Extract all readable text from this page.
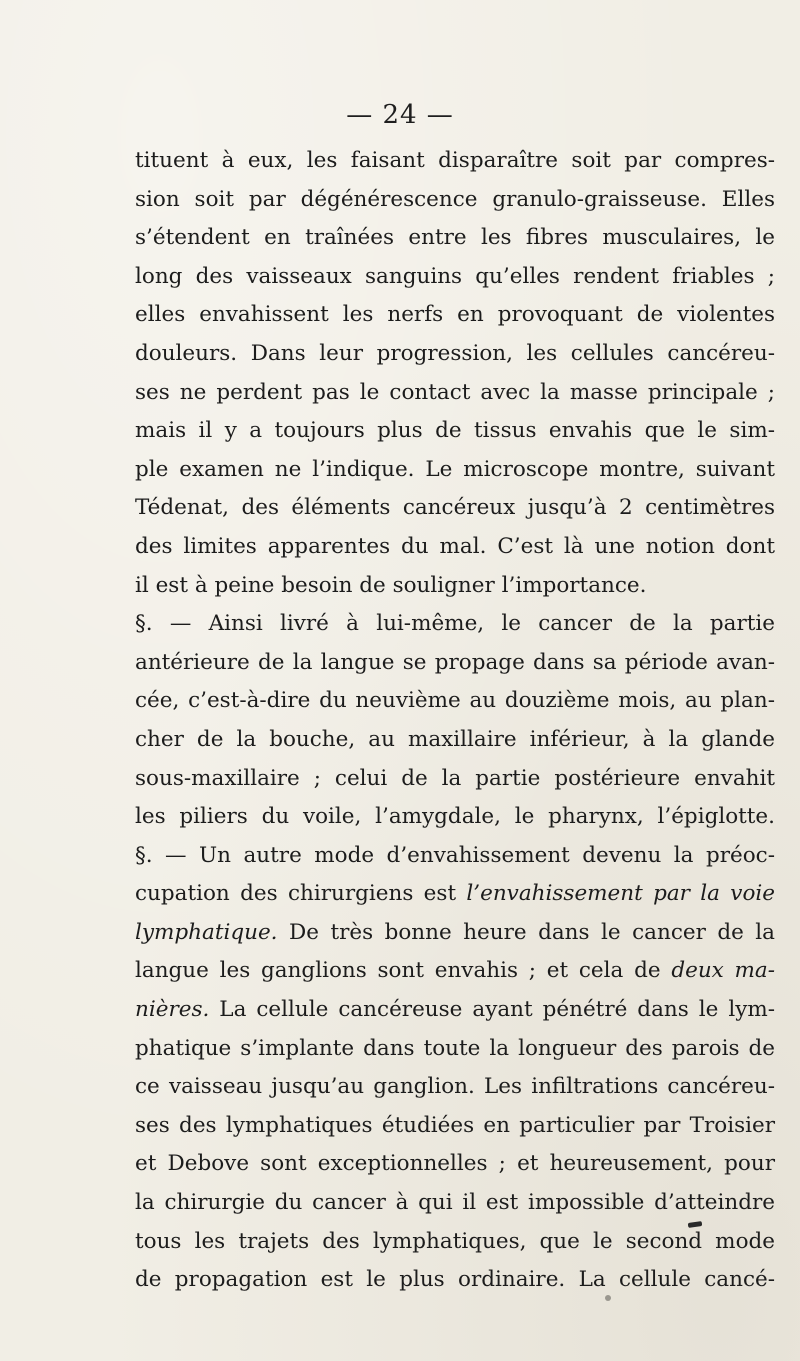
— 24 —
tituent à eux, les faisant disparaître soit par compres-
sion soit par dégénérescence granulo-graisseuse. Elles
s’étendent en traînées entre les fibres musculaires, le
long des vaisseaux sanguins qu’elles rendent friables ;
elles envahissent les nerfs en provoquant de violentes
douleurs. Dans leur progression, les cellules cancéreu-
ses ne perdent pas le contact avec la masse principale ;
mais il y a toujours plus de tissus envahis que le sim-
ple examen ne l’indique. Le microscope montre, suivant
Tédenat, des éléments cancéreux jusqu’à 2 centimètres
des limites apparentes du mal. C’est là une notion dont
il est à peine besoin de souligner l’importance.
§. — Ainsi livré à lui-même, le cancer de la partie
antérieure de la langue se propage dans sa période avan-
cée, c’est-à-dire du neuvième au douzième mois, au plan-
cher de la bouche, au maxillaire inférieur, à la glande
sous-maxillaire ; celui de la partie postérieure envahit
les piliers du voile, l’amygdale, le pharynx, l’épiglotte.
§. — Un autre mode d’envahissement devenu la préoc-
cupation des chirurgiens est l’envahissement par la voie
lymphatique. De très bonne heure dans le cancer de la
langue les ganglions sont envahis ; et cela de deux ma-
nières. La cellule cancéreuse ayant pénétré dans le lym-
phatique s’implante dans toute la longueur des parois de
ce vaisseau jusqu’au ganglion. Les infiltrations cancéreu-
ses des lymphatiques étudiées en particulier par Troisier
et Debove sont exceptionnelles ; et heureusement, pour
la chirurgie du cancer à qui il est impossible d’atteindre
tous les trajets des lymphatiques, que le second mode
de propagation est le plus ordinaire. La cellule cancé-
